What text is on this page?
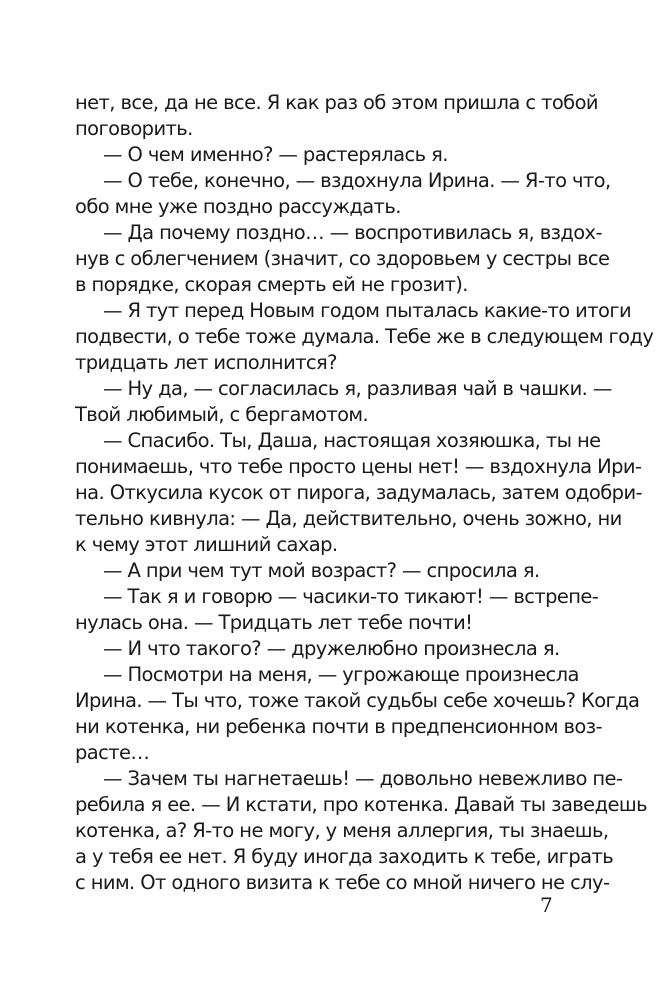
нет, все, да не все. Я как раз об этом пришла с тобой
поговорить.
— О чем именно? — растерялась я.
— О тебе, конечно, — вздохнула Ирина. — Я-то что,
обо мне уже поздно рассуждать.
— Да почему поздно… — воспротивилась я, вздох-
нув с облегчением (значит, со здоровьем у сестры все
в порядке, скорая смерть ей не грозит).
— Я тут перед Новым годом пыталась какие-то итоги
подвести, о тебе тоже думала. Тебе же в следующем году
тридцать лет исполнится?
— Ну да, — согласилась я, разливая чай в чашки. —
Твой любимый, с бергамотом.
— Спасибо. Ты, Даша, настоящая хозяюшка, ты не
понимаешь, что тебе просто цены нет! — вздохнула Ири-
на. Откусила кусок от пирога, задумалась, затем одобри-
тельно кивнула: — Да, действительно, очень зожно, ни
к чему этот лишний сахар.
— А при чем тут мой возраст? — спросила я.
— Так я и говорю — часики-то тикают! — встрепе-
нулась она. — Тридцать лет тебе почти!
— И что такого? — дружелюбно произнесла я.
— Посмотри на меня, — угрожающе произнесла
Ирина. — Ты что, тоже такой судьбы себе хочешь? Когда
ни котенка, ни ребенка почти в предпенсионном воз-
расте…
— Зачем ты нагнетаешь! — довольно невежливо пе-
ребила я ее. — И кстати, про котенка. Давай ты заведешь
котенка, а? Я-то не могу, у меня аллергия, ты знаешь,
а у тебя ее нет. Я буду иногда заходить к тебе, играть
с ним. От одного визита к тебе со мной ничего не слу-
7
